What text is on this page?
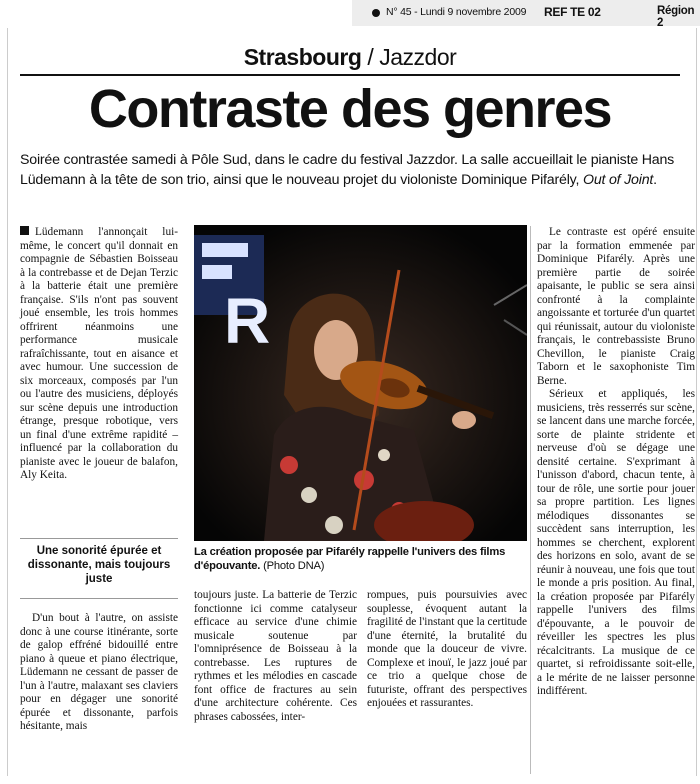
N° 45 - Lundi 9 novembre 2009 REF TE 02	Région 2
Strasbourg / Jazzdor
Contraste des genres
Soirée contrastée samedi à Pôle Sud, dans le cadre du festival Jazzdor. La salle accueillait le pianiste Hans Lüdemann à la tête de son trio, ainsi que le nouveau projet du violoniste Dominique Pifarély, Out of Joint.

Lüdemann l'annonçait lui-même, le concert qu'il donnait en compagnie de Sébastien Boisseau à la contrebasse et de Dejan Terzic à la batterie était une première française. S'ils n'ont pas souvent joué ensemble, les trois hommes offrirent néanmoins une performance musicale rafraîchissante, tout en aisance et avec humour. Une succession de six morceaux, composés par l'un ou l'autre des musiciens, déployés sur scène depuis une introduction étrange, presque robotique, vers un final d'une extrême rapidité – influencé par la collaboration du pianiste avec le joueur de balafon, Aly Keita.

Une sonorité épurée et dissonante, mais toujours juste

D'un bout à l'autre, on assiste donc à une course itinérante, sorte de galop effréné bidouillé entre piano à queue et piano électrique, Lüdemann ne cessant de passer de l'un à l'autre, malaxant ses claviers pour en dégager une sonorité épurée et dissonante, parfois hésitante, mais

R
La création proposée par Pifarély rappelle l'univers des films d'épouvante. (Photo DNA)

toujours juste. La batterie de Terzic fonctionne ici comme catalyseur efficace au service d'une chimie musicale soutenue par l'omniprésence de Boisseau à la contrebasse. Les ruptures de rythmes et les mélodies en cascade font office de fractures au sein d'une architecture cohérente. Ces phrases cabossées, inter-

rompues, puis poursuivies avec souplesse, évoquent autant la fragilité de l'instant que la certitude d'une éternité, la brutalité du monde que la douceur de vivre. Complexe et inouï, le jazz joué par ce trio a quelque chose de futuriste, offrant des perspectives enjouées et rassurantes.

Le contraste est opéré ensuite par la formation emmenée par Dominique Pifarély. Après une première partie de soirée apaisante, le public se sera ainsi confronté à la complainte angoissante et torturée d'un quartet qui réunissait, autour du violoniste français, le contrebassiste Bruno Chevillon, le pianiste Craig Taborn et le saxophoniste Tim Berne.

Sérieux et appliqués, les musiciens, très resserrés sur scène, se lancent dans une marche forcée, sorte de plainte stridente et nerveuse d'où se dégage une densité certaine. S'exprimant à l'unisson d'abord, chacun tente, à tour de rôle, une sortie pour jouer sa propre partition. Les lignes mélodiques dissonantes se succèdent sans interruption, les hommes se cherchent, explorent des horizons en solo, avant de se réunir à nouveau, une fois que tout le monde a pris position. Au final, la création proposée par Pifarély rappelle l'univers des films d'épouvante, a le pouvoir de réveiller les spectres les plus récalcitrants. La musique de ce quartet, si refroidissante soit-elle, a le mérite de ne laisser personne indifférent.
